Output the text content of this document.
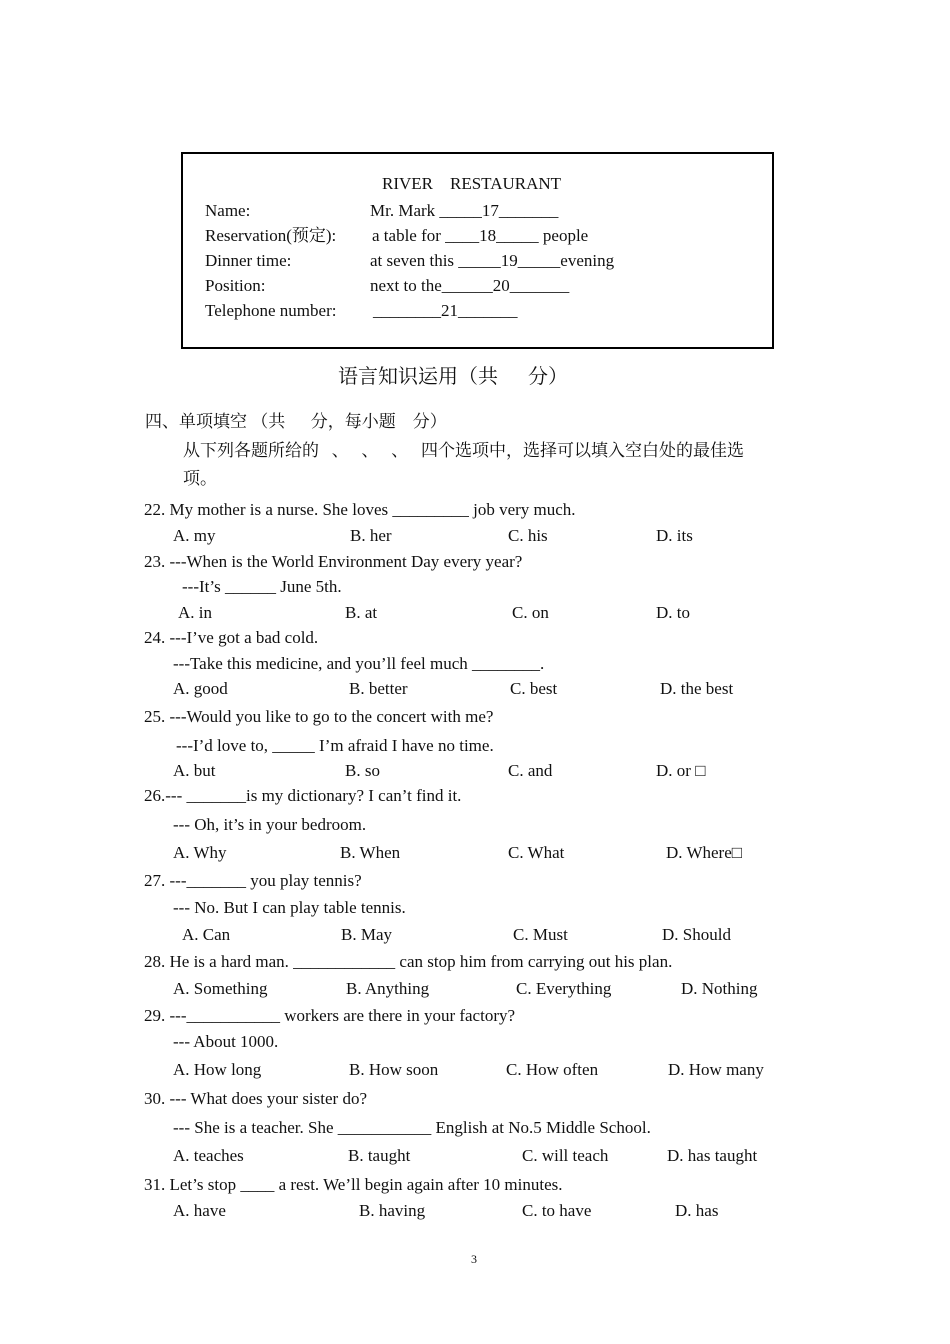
RIVER    RESTAURANT
Name:	Mr. Mark _____17_______
Reservation(预定): a table for ____18_____ people
Dinner time:	at seven this _____19_____evening
Position:	next to the______20_______
Telephone number: ________21_______
语言知识运用（共      分）
四、单项填空 （共      分，每小题    分）
从下列各题所给的   、   、   、   四个选项中，选择可以填入空白处的最佳选
项。
22. My mother is a nurse. She loves _________ job very much.
A. my	B. her	C. his	D. its
23. ---When is the World Environment Day every year?
---It’s ______ June 5th.
A. in	B. at	C. on	D. to
24. ---I’ve got a bad cold.
---Take this medicine, and you’ll feel much ________.
A. good	B. better	C. best	D. the best
25. ---Would you like to go to the concert with me?
---I’d love to, _____ I’m afraid I have no time.
A. but	B. so	C. and	D. or □
26.--- _______is my dictionary? I can’t find it.
--- Oh, it’s in your bedroom.
A. Why	B. When	C. What	D. Where□
27. ---_______ you play tennis?
--- No. But I can play table tennis.
A. Can	B. May	C. Must	D. Should
28. He is a hard man. ____________ can stop him from carrying out his plan.
A. Something	B. Anything	C. Everything	D. Nothing
29. ---___________ workers are there in your factory?
--- About 1000.
A. How long	B. How soon	C. How often	D. How many
30. --- What does your sister do?
--- She is a teacher. She ___________ English at No.5 Middle School.
A. teaches	B. taught	C. will teach	D. has taught
31. Let’s stop ____ a rest. We’ll begin again after 10 minutes.
A. have	B. having	C. to have	D. has
3
